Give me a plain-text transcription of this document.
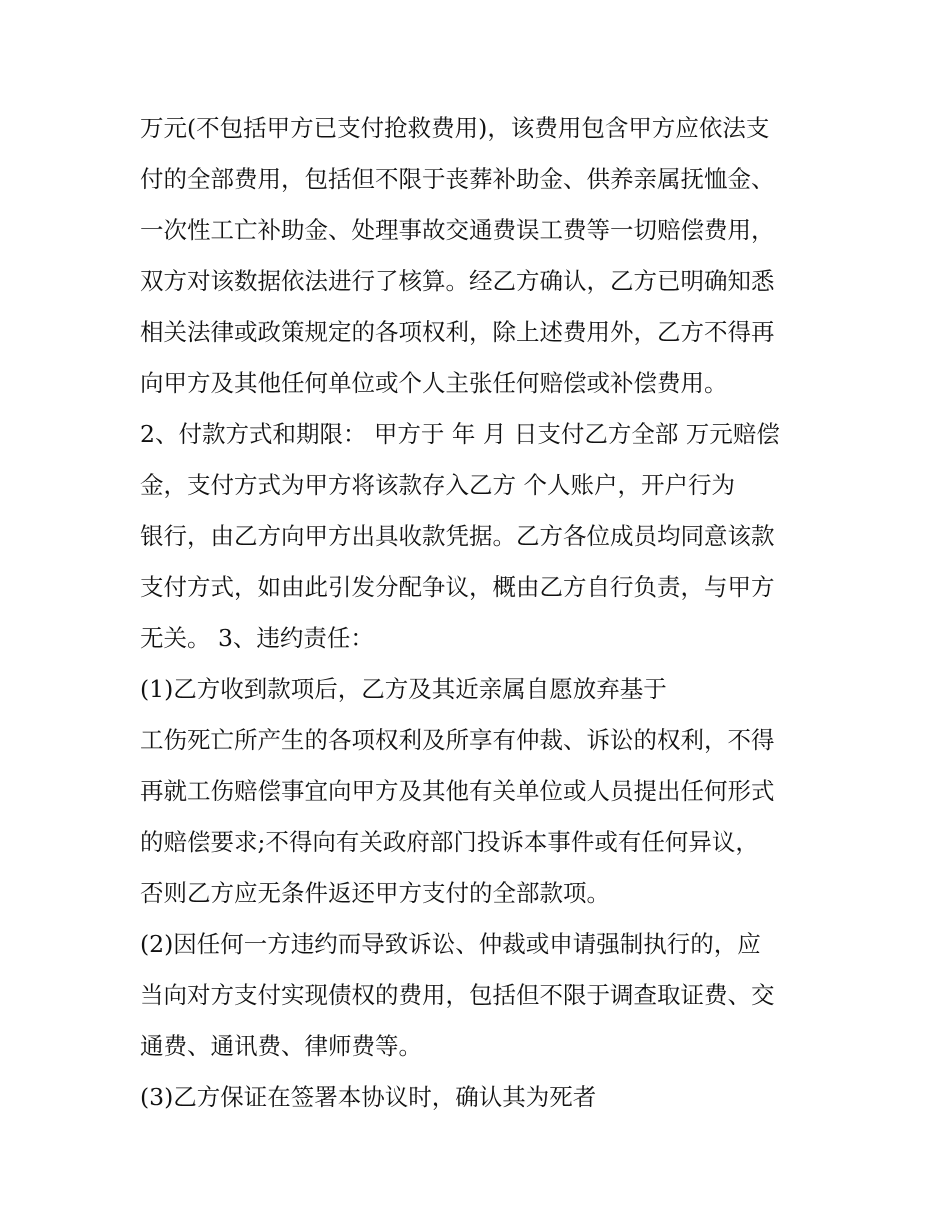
万元(不包括甲方已支付抢救费用)，该费用包含甲方应依法支
付的全部费用，包括但不限于丧葬补助金、供养亲属抚恤金、
一次性工亡补助金、处理事故交通费误工费等一切赔偿费用，
双方对该数据依法进行了核算。经乙方确认，乙方已明确知悉
相关法律或政策规定的各项权利，除上述费用外，乙方不得再
向甲方及其他任何单位或个人主张任何赔偿或补偿费用。
2、付款方式和期限： 甲方于 年 月 日支付乙方全部 万元赔偿
金，支付方式为甲方将该款存入乙方 个人账户，开户行为
银行，由乙方向甲方出具收款凭据。乙方各位成员均同意该款
支付方式，如由此引发分配争议，概由乙方自行负责，与甲方
无关。 3、违约责任：
(1)乙方收到款项后，乙方及其近亲属自愿放弃基于
工伤死亡所产生的各项权利及所享有仲裁、诉讼的权利，不得
再就工伤赔偿事宜向甲方及其他有关单位或人员提出任何形式
的赔偿要求;不得向有关政府部门投诉本事件或有任何异议，
否则乙方应无条件返还甲方支付的全部款项。
(2)因任何一方违约而导致诉讼、仲裁或申请强制执行的，应
当向对方支付实现债权的费用，包括但不限于调查取证费、交
通费、通讯费、律师费等。
(3)乙方保证在签署本协议时，确认其为死者
